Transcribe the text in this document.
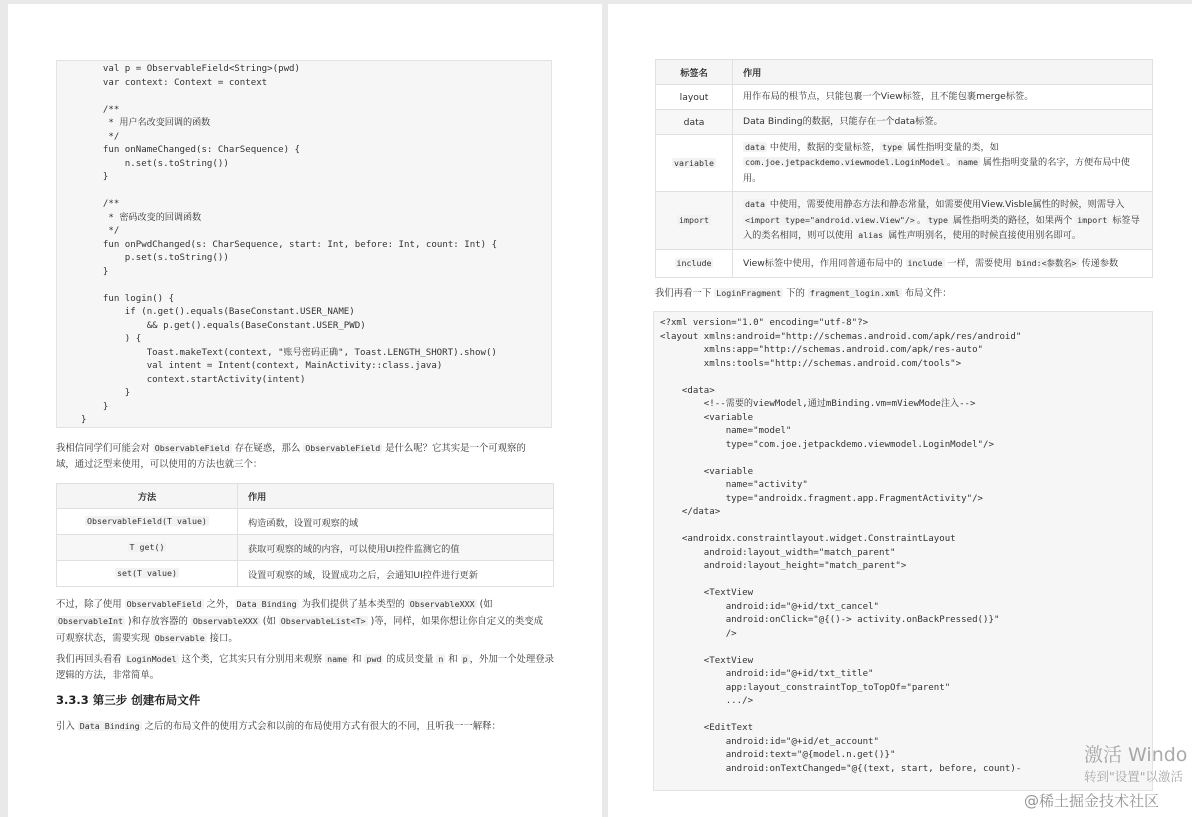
val p = ObservableField<String>(pwd)
var context: Context = context

/**
* 用户名改变回调的函数
*/
fun onNameChanged(s: CharSequence) {
n.set(s.toString())
}

/**
* 密码改变的回调函数
*/
fun onPwdChanged(s: CharSequence, start: Int, before: Int, count: Int) {
p.set(s.toString())
}

fun login() {
if (n.get().equals(BaseConstant.USER_NAME)
&& p.get().equals(BaseConstant.USER_PWD)
) {
Toast.makeText(context, "账号密码正确", Toast.LENGTH_SHORT).show()
val intent = Intent(context, MainActivity::class.java)
context.startActivity(intent)
}
}
}
我相信同学们可能会对 ObservableField 存在疑惑，那么 ObservableField 是什么呢？它其实是一个可观察的
域，通过泛型来使用，可以使用的方法也就三个：
方法	作用
ObservableField(T value)	构造函数，设置可观察的域
T get()	获取可观察的域的内容，可以使用UI控件监测它的值
set(T value)	设置可观察的域，设置成功之后，会通知UI控件进行更新
不过，除了使用 ObservableField 之外， Data Binding 为我们提供了基本类型的 ObservableXXX (如
ObservableInt )和存放容器的 ObservableXXX (如 ObservableList<T> )等，同样，如果你想让你自定义的类变成
可观察状态，需要实现 Observable 接口。
我们再回头看看 LoginModel 这个类，它其实只有分别用来观察 name 和 pwd 的成员变量 n 和 p ，外加一个处理登录
逻辑的方法，非常简单。
3.3.3 第三步 创建布局文件
引入 Data Binding 之后的布局文件的使用方式会和以前的布局使用方式有很大的不同，且听我一一解释：
标签名	作用
layout	用作布局的根节点，只能包裹一个View标签，且不能包裹merge标签。
data	Data Binding的数据，只能存在一个data标签。
variable	data 中使用，数据的变量标签， type 属性指明变量的类，如 com.joe.jetpackdemo.viewmodel.LoginModel 。 name 属性指明变量的名字，方便布局中使用。
import	data 中使用，需要使用静态方法和静态常量，如需要使用View.Visble属性的时候，则需导入 <import type="android.view.View"/> 。 type 属性指明类的路径，如果两个 import 标签导入的类名相同，则可以使用 alias 属性声明别名，使用的时候直接使用别名即可。
include	View标签中使用，作用同普通布局中的 include 一样，需要使用 bind:<参数名> 传递参数
我们再看一下 LoginFragment 下的 fragment_login.xml 布局文件：
<?xml version="1.0" encoding="utf-8"?>
<layout xmlns:android="http://schemas.android.com/apk/res/android"
xmlns:app="http://schemas.android.com/apk/res-auto"
xmlns:tools="http://schemas.android.com/tools">

<data>
<!--需要的viewModel,通过mBinding.vm=mViewMode注入-->
<variable
name="model"
type="com.joe.jetpackdemo.viewmodel.LoginModel"/>

<variable
name="activity"
type="androidx.fragment.app.FragmentActivity"/>
</data>

<androidx.constraintlayout.widget.ConstraintLayout
android:layout_width="match_parent"
android:layout_height="match_parent">

<TextView
android:id="@+id/txt_cancel"
android:onClick="@{()-> activity.onBackPressed()}"
/>

<TextView
android:id="@+id/txt_title"
app:layout_constraintTop_toTopOf="parent"
.../>

<EditText
android:id="@+id/et_account"
android:text="@{model.n.get()}"
android:onTextChanged="@{(text, start, before, count)-
激活 Windo
转到"设置"以激活
@稀土掘金技术社区
